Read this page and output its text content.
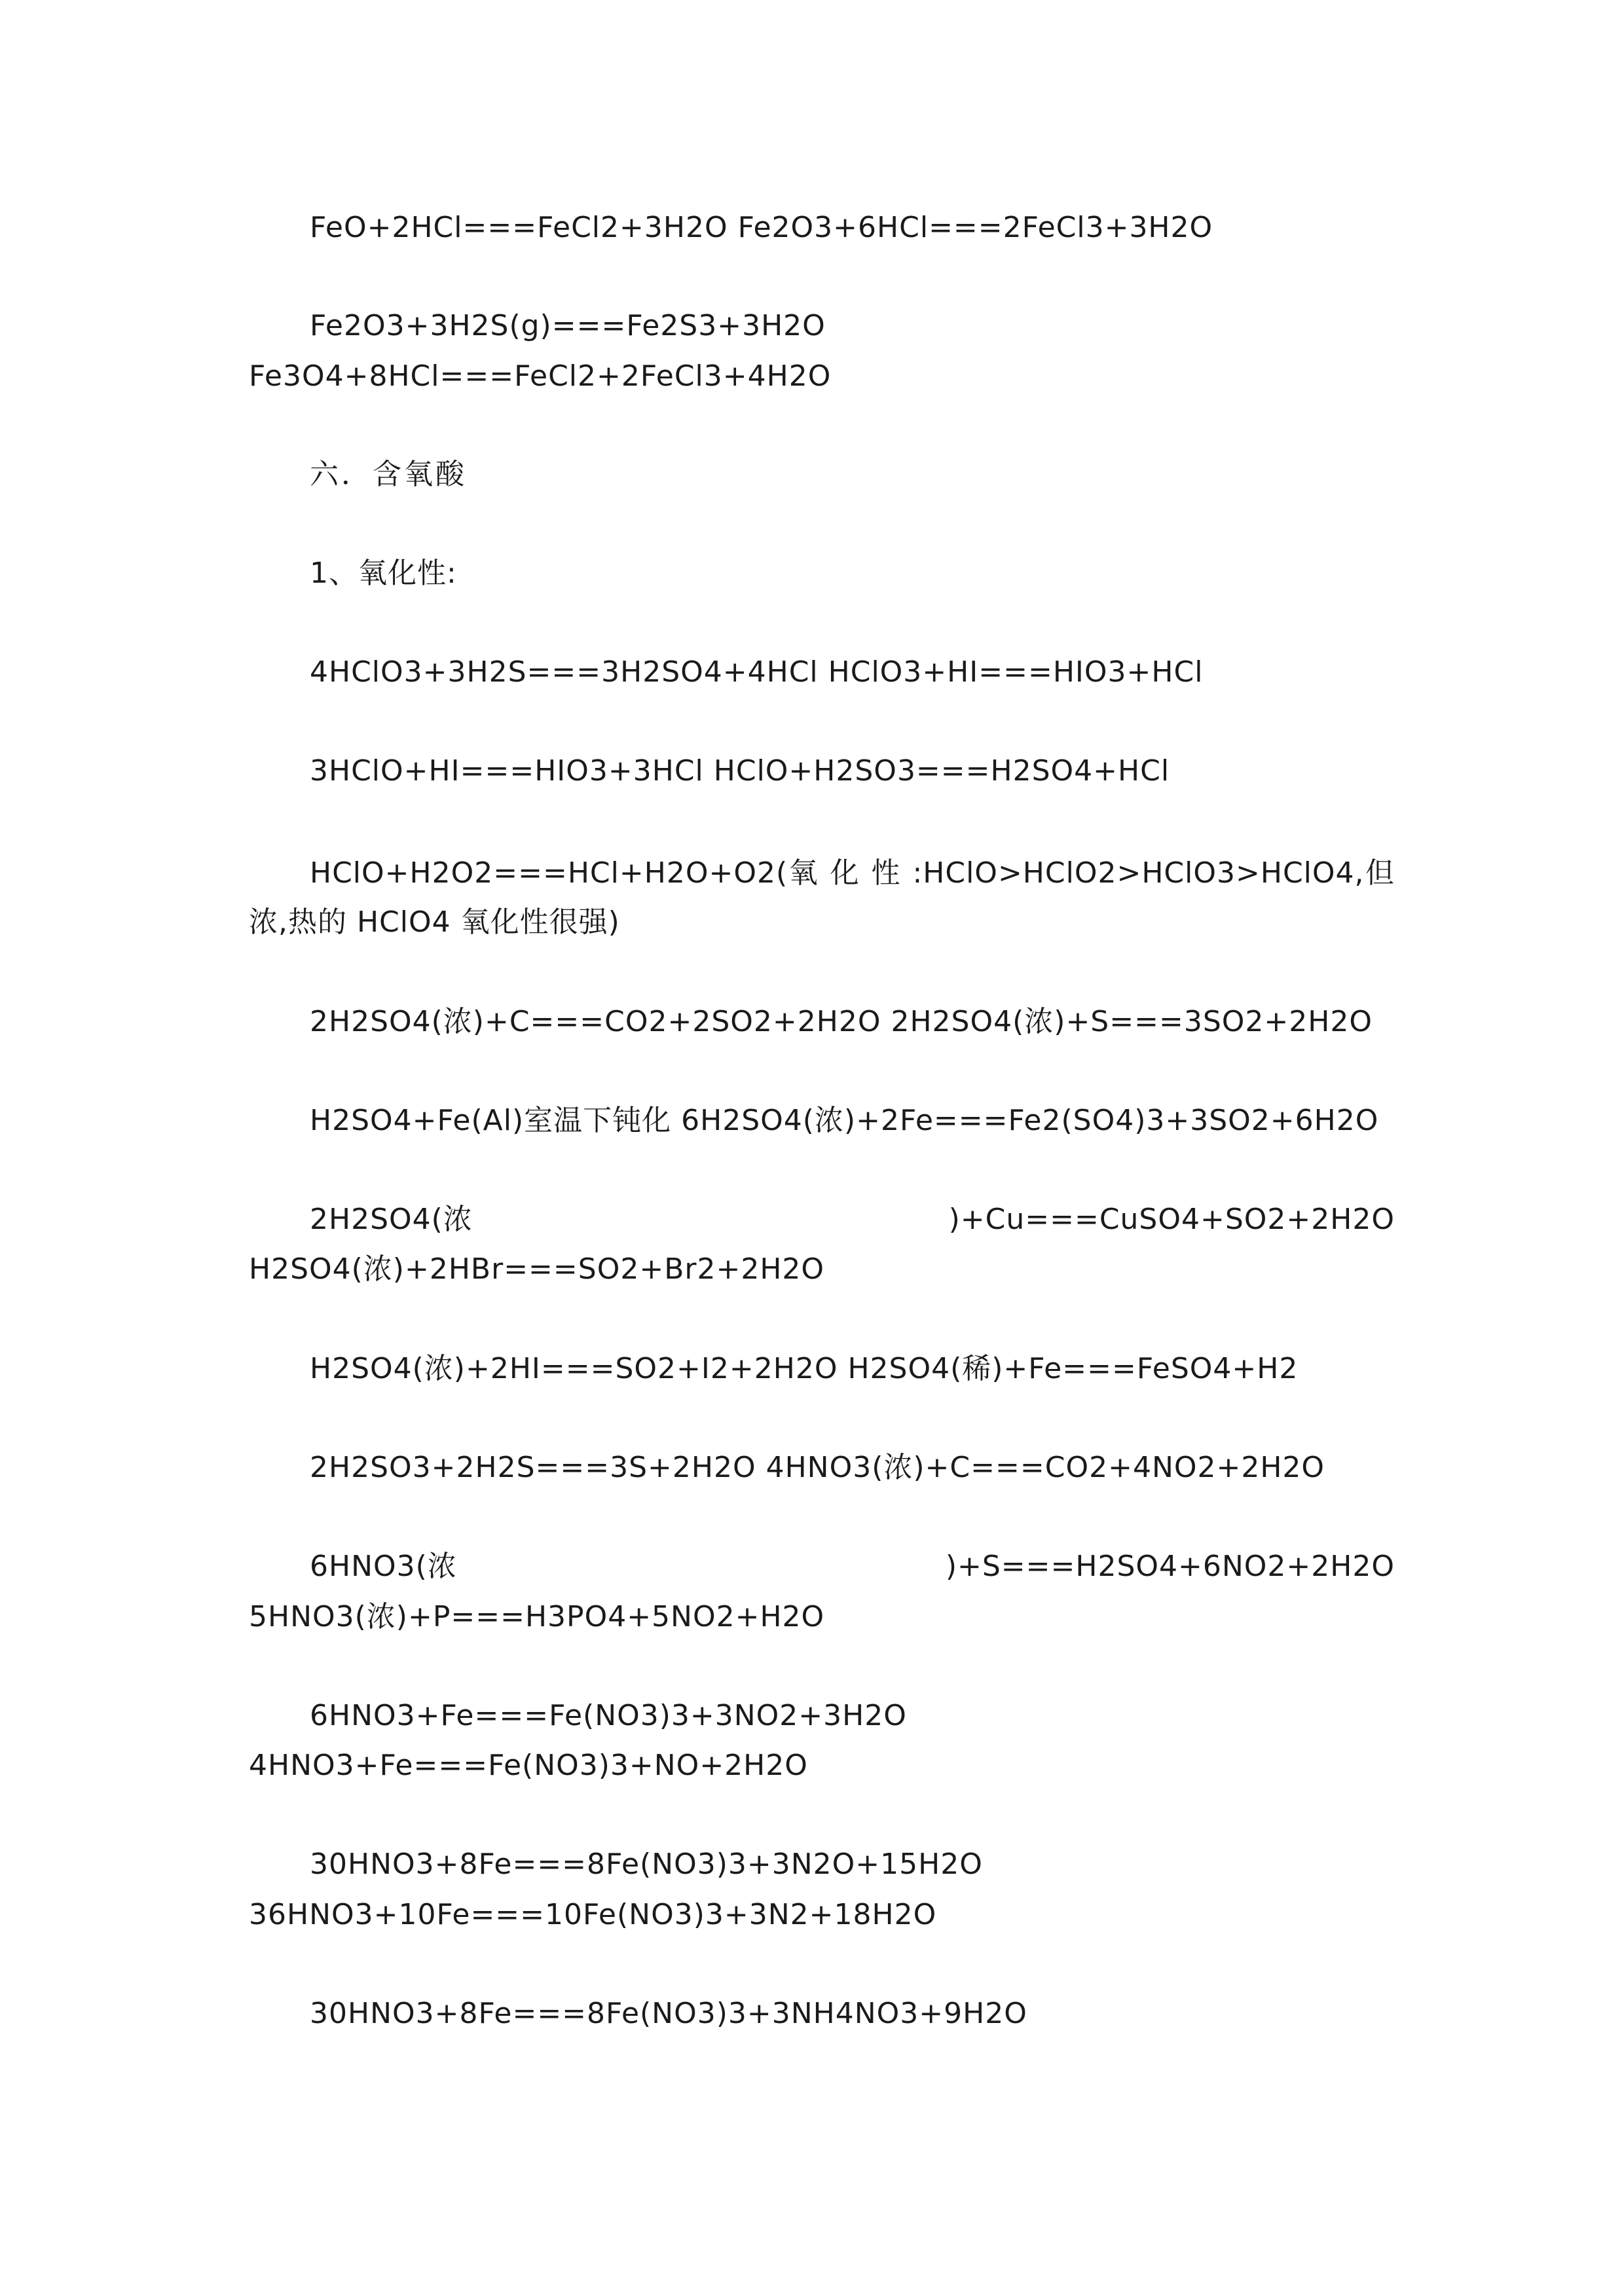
FeO+2HCl===FeCl2+3H2O Fe2O3+6HCl===2FeCl3+3H2O
Fe2O3+3H2S(g)===Fe2S3+3H2O
Fe3O4+8HCl===FeCl2+2FeCl3+4H2O
六．含氧酸
1、氧化性:
4HClO3+3H2S===3H2SO4+4HCl HClO3+HI===HIO3+HCl
3HClO+HI===HIO3+3HCl HClO+H2SO3===H2SO4+HCl
HClO+H2O2===HCl+H2O+O2(氧 化 性 :HClO>HClO2>HClO3>HClO4,但浓,热的 HClO4 氧化性很强)
2H2SO4(浓)+C===CO2+2SO2+2H2O 2H2SO4(浓)+S===3SO2+2H2O
H2SO4+Fe(Al)室温下钝化 6H2SO4(浓)+2Fe===Fe2(SO4)3+3SO2+6H2O
2H2SO4(浓	)+Cu===CuSO4+SO2+2H2O
H2SO4(浓)+2HBr===SO2+Br2+2H2O
H2SO4(浓)+2HI===SO2+I2+2H2O H2SO4(稀)+Fe===FeSO4+H2
2H2SO3+2H2S===3S+2H2O 4HNO3(浓)+C===CO2+4NO2+2H2O
6HNO3(浓	)+S===H2SO4+6NO2+2H2O
5HNO3(浓)+P===H3PO4+5NO2+H2O
6HNO3+Fe===Fe(NO3)3+3NO2+3H2O
4HNO3+Fe===Fe(NO3)3+NO+2H2O
30HNO3+8Fe===8Fe(NO3)3+3N2O+15H2O
36HNO3+10Fe===10Fe(NO3)3+3N2+18H2O
30HNO3+8Fe===8Fe(NO3)3+3NH4NO3+9H2O
